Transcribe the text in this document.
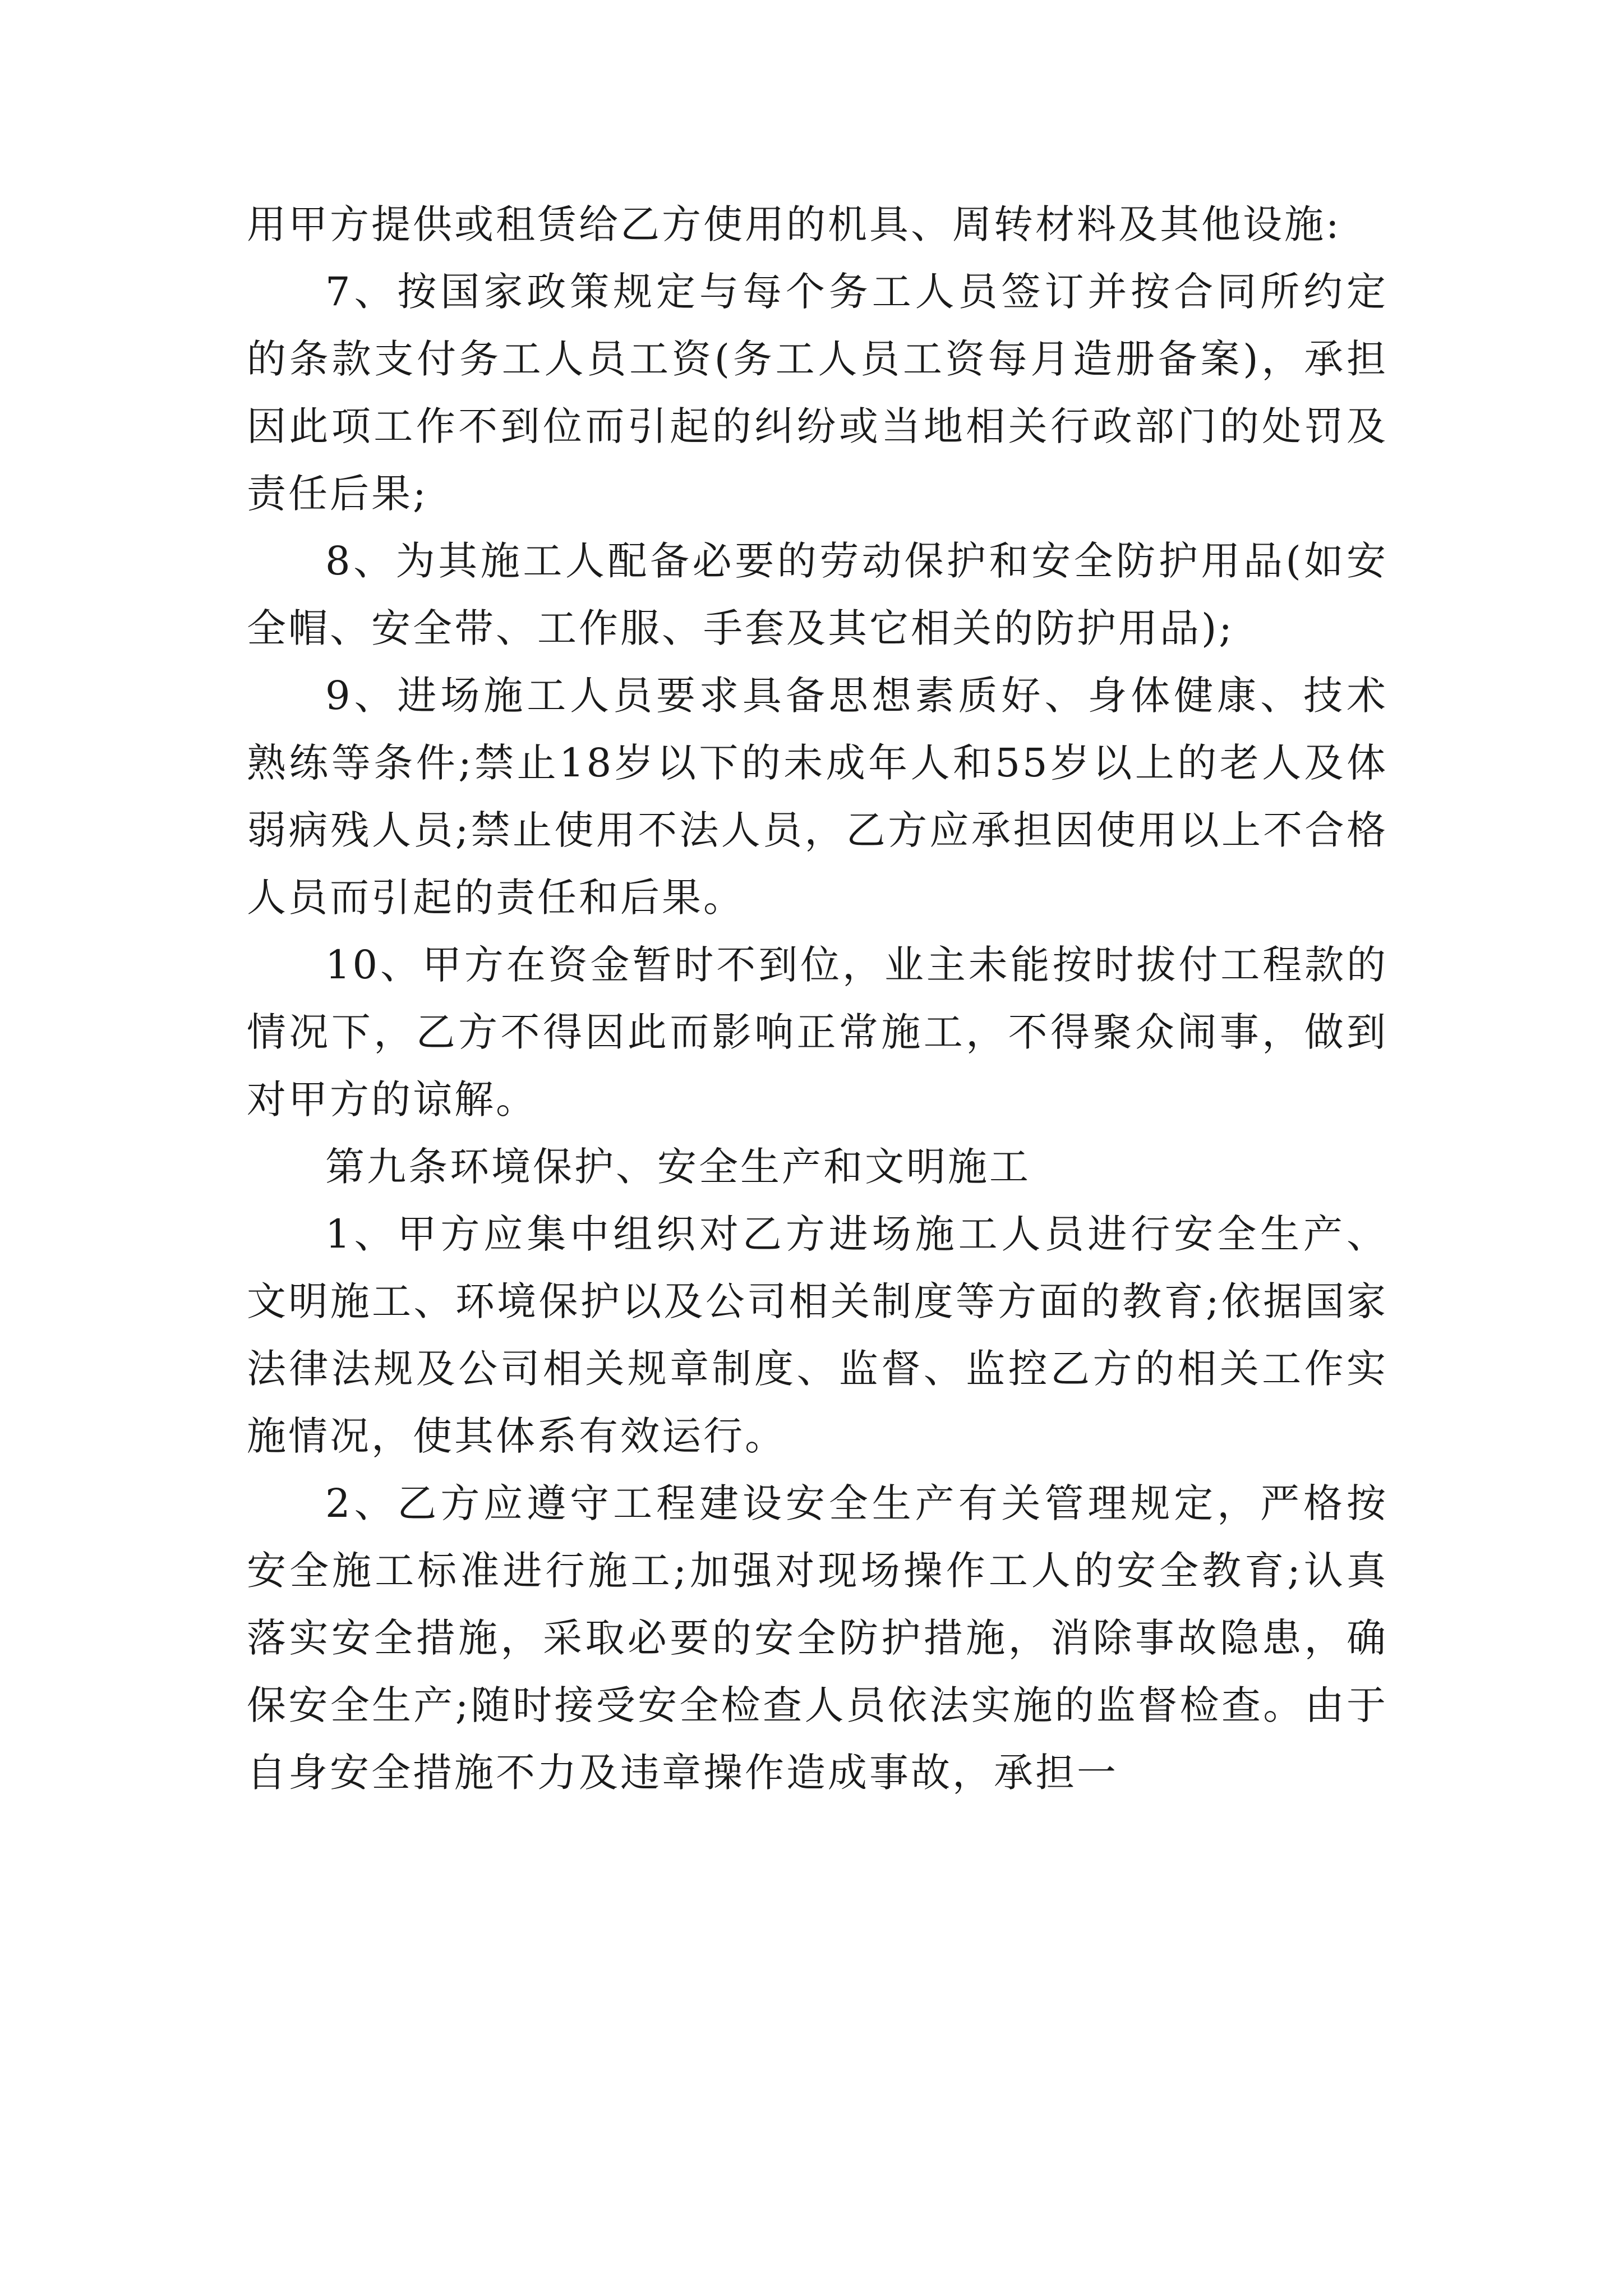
用甲方提供或租赁给乙方使用的机具、周转材料及其他设施:

7、按国家政策规定与每个务工人员签订并按合同所约定的条款支付务工人员工资(务工人员工资每月造册备案)，承担因此项工作不到位而引起的纠纷或当地相关行政部门的处罚及责任后果;

8、为其施工人配备必要的劳动保护和安全防护用品(如安全帽、安全带、工作服、手套及其它相关的防护用品);

9、进场施工人员要求具备思想素质好、身体健康、技术熟练等条件;禁止18岁以下的未成年人和55岁以上的老人及体弱病残人员;禁止使用不法人员，乙方应承担因使用以上不合格人员而引起的责任和后果。

10、甲方在资金暂时不到位，业主未能按时拔付工程款的情况下，乙方不得因此而影响正常施工，不得聚众闹事，做到对甲方的谅解。

第九条环境保护、安全生产和文明施工

1、甲方应集中组织对乙方进场施工人员进行安全生产、文明施工、环境保护以及公司相关制度等方面的教育;依据国家法律法规及公司相关规章制度、监督、监控乙方的相关工作实施情况，使其体系有效运行。

2、乙方应遵守工程建设安全生产有关管理规定，严格按安全施工标准进行施工;加强对现场操作工人的安全教育;认真落实安全措施，采取必要的安全防护措施，消除事故隐患，确保安全生产;随时接受安全检查人员依法实施的监督检查。由于自身安全措施不力及违章操作造成事故，承担一
